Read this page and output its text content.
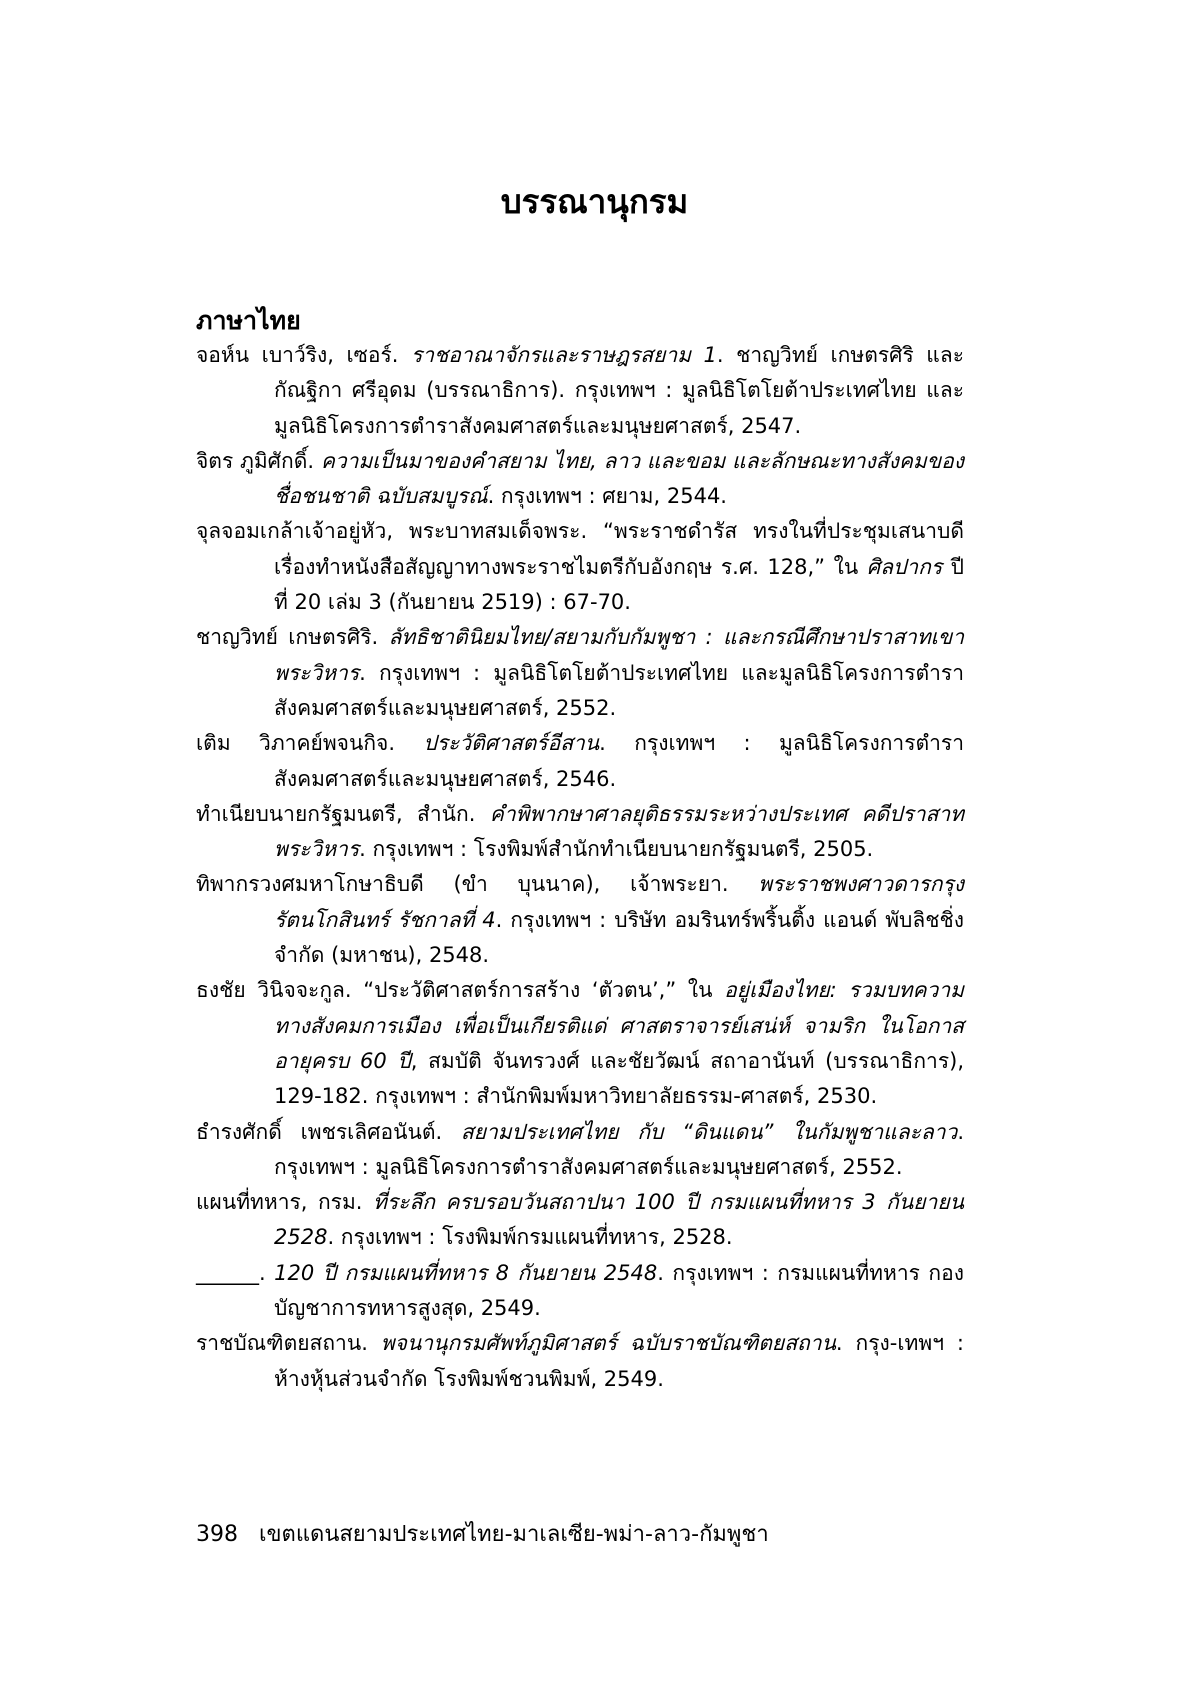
บรรณานุกรม
ภาษาไทย

จอห์น เบาว์ริง, เซอร์. ราชอาณาจักรและราษฎรสยาม 1. ชาญวิทย์ เกษตรศิริ และ กัณฐิกา ศรีอุดม (บรรณาธิการ). กรุงเทพฯ : มูลนิธิโตโยต้าประเทศไทย และมูลนิธิโครงการตำราสังคมศาสตร์และมนุษยศาสตร์, 2547.

จิตร ภูมิศักดิ์. ความเป็นมาของคำสยาม ไทย, ลาว และขอม และลักษณะทางสังคมของชื่อชนชาติ ฉบับสมบูรณ์. กรุงเทพฯ : ศยาม, 2544.

จุลจอมเกล้าเจ้าอยู่หัว, พระบาทสมเด็จพระ. “พระราชดำรัส ทรงในที่ประชุมเสนาบดีเรื่องทำหนังสือสัญญาทางพระราชไมตรีกับอังกฤษ ร.ศ. 128,” ใน ศิลปากร ปีที่ 20 เล่ม 3 (กันยายน 2519) : 67-70.

ชาญวิทย์ เกษตรศิริ. ลัทธิชาตินิยมไทย/สยามกับกัมพูชา : และกรณีศึกษาปราสาทเขาพระวิหาร. กรุงเทพฯ : มูลนิธิโตโยต้าประเทศไทย และมูลนิธิโครงการตำราสังคมศาสตร์และมนุษยศาสตร์, 2552.

เติม วิภาคย์พจนกิจ. ประวัติศาสตร์อีสาน. กรุงเทพฯ : มูลนิธิโครงการตำราสังคมศาสตร์และมนุษยศาสตร์, 2546.

ทำเนียบนายกรัฐมนตรี, สำนัก. คำพิพากษาศาลยุติธรรมระหว่างประเทศ คดีปราสาทพระวิหาร. กรุงเทพฯ : โรงพิมพ์สำนักทำเนียบนายกรัฐมนตรี, 2505.

ทิพากรวงศมหาโกษาธิบดี (ขำ บุนนาค), เจ้าพระยา. พระราชพงศาวดารกรุงรัตนโกสินทร์ รัชกาลที่ 4. กรุงเทพฯ : บริษัท อมรินทร์พริ้นติ้ง แอนด์ พับลิชชิ่ง จำกัด (มหาชน), 2548.

ธงชัย วินิจจะกูล. “ประวัติศาสตร์การสร้าง ‘ตัวตน’,” ใน อยู่เมืองไทย: รวมบทความทางสังคมการเมือง เพื่อเป็นเกียรติแด่ ศาสตราจารย์เสน่ห์ จามริก ในโอกาสอายุครบ 60 ปี, สมบัติ จันทรวงศ์ และชัยวัฒน์ สถาอานันท์ (บรรณาธิการ), 129-182. กรุงเทพฯ : สำนักพิมพ์มหาวิทยาลัยธรรม-ศาสตร์, 2530.

ธำรงศักดิ์ เพชรเลิศอนันต์. สยามประเทศไทย กับ “ดินแดน” ในกัมพูชาและลาว. กรุงเทพฯ : มูลนิธิโครงการตำราสังคมศาสตร์และมนุษยศาสตร์, 2552.

แผนที่ทหาร, กรม. ที่ระลึก ครบรอบวันสถาปนา 100 ปี กรมแผนที่ทหาร 3 กันยายน 2528. กรุงเทพฯ : โรงพิมพ์กรมแผนที่ทหาร, 2528.

______. 120 ปี กรมแผนที่ทหาร 8 กันยายน 2548. กรุงเทพฯ : กรมแผนที่ทหาร กองบัญชาการทหารสูงสุด, 2549.

ราชบัณฑิตยสถาน. พจนานุกรมศัพท์ภูมิศาสตร์ ฉบับราชบัณฑิตยสถาน. กรุง-เทพฯ : ห้างหุ้นส่วนจำกัด โรงพิมพ์ชวนพิมพ์, 2549.

398 เขตแดนสยามประเทศไทย-มาเลเซีย-พม่า-ลาว-กัมพูชา
